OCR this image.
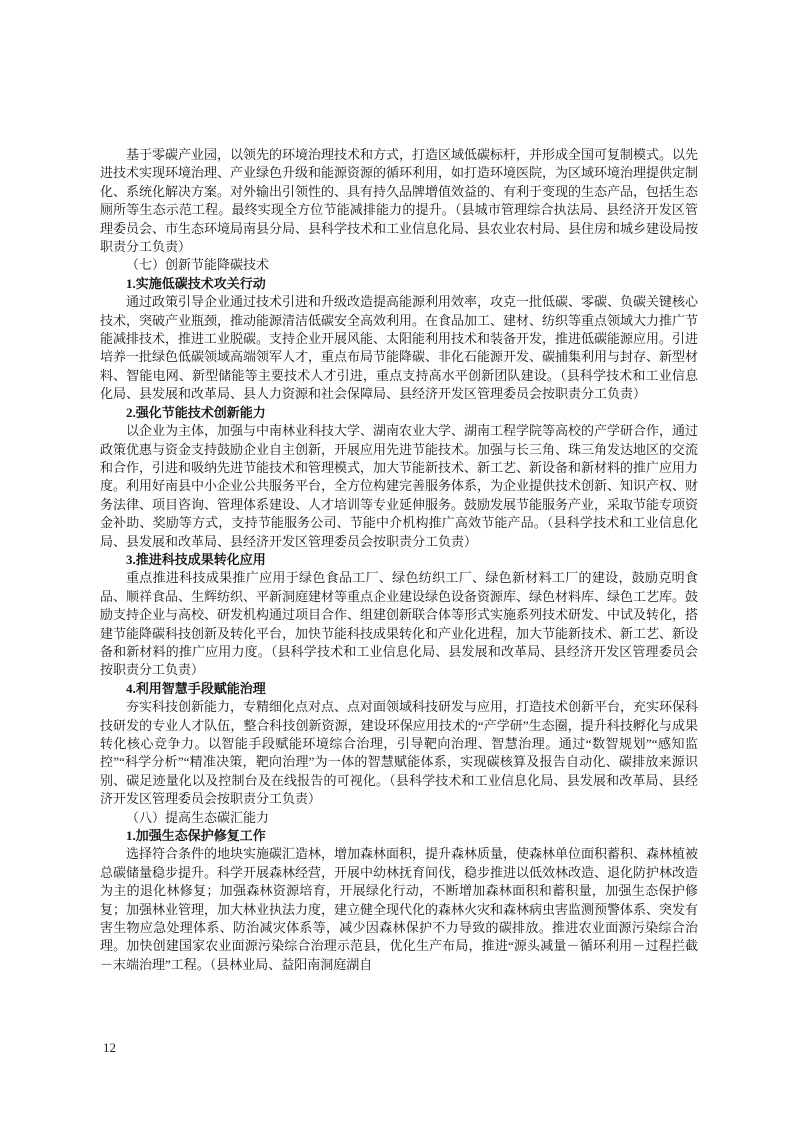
基于零碳产业园，以领先的环境治理技术和方式，打造区域低碳标杆，并形成全国可复制模式。以先进技术实现环境治理、产业绿色升级和能源资源的循环利用，如打造环境医院，为区域环境治理提供定制化、系统化解决方案。对外输出引领性的、具有持久品牌增值效益的、有利于变现的生态产品，包括生态厕所等生态示范工程。最终实现全方位节能减排能力的提升。（县城市管理综合执法局、县经济开发区管理委员会、市生态环境局南县分局、县科学技术和工业信息化局、县农业农村局、县住房和城乡建设局按职责分工负责）

（七）创新节能降碳技术

1.实施低碳技术攻关行动

通过政策引导企业通过技术引进和升级改造提高能源利用效率，攻克一批低碳、零碳、负碳关键核心技术，突破产业瓶颈，推动能源清洁低碳安全高效利用。在食品加工、建材、纺织等重点领域大力推广节能减排技术，推进工业脱碳。支持企业开展风能、太阳能利用技术和装备开发，推进低碳能源应用。引进培养一批绿色低碳领域高端领军人才，重点布局节能降碳、非化石能源开发、碳捕集利用与封存、新型材料、智能电网、新型储能等主要技术人才引进，重点支持高水平创新团队建设。（县科学技术和工业信息化局、县发展和改革局、县人力资源和社会保障局、县经济开发区管理委员会按职责分工负责）

2.强化节能技术创新能力

以企业为主体，加强与中南林业科技大学、湖南农业大学、湖南工程学院等高校的产学研合作，通过政策优惠与资金支持鼓励企业自主创新，开展应用先进节能技术。加强与长三角、珠三角发达地区的交流和合作，引进和吸纳先进节能技术和管理模式，加大节能新技术、新工艺、新设备和新材料的推广应用力度。利用好南县中小企业公共服务平台，全方位构建完善服务体系，为企业提供技术创新、知识产权、财务法律、项目咨询、管理体系建设、人才培训等专业延伸服务。鼓励发展节能服务产业，采取节能专项资金补助、奖励等方式，支持节能服务公司、节能中介机构推广高效节能产品。（县科学技术和工业信息化局、县发展和改革局、县经济开发区管理委员会按职责分工负责）

3.推进科技成果转化应用

重点推进科技成果推广应用于绿色食品工厂、绿色纺织工厂、绿色新材料工厂的建设，鼓励克明食品、顺祥食品、生辉纺织、平新洞庭建材等重点企业建设绿色设备资源库、绿色材料库、绿色工艺库。鼓励支持企业与高校、研发机构通过项目合作、组建创新联合体等形式实施系列技术研发、中试及转化，搭建节能降碳科技创新及转化平台，加快节能科技成果转化和产业化进程，加大节能新技术、新工艺、新设备和新材料的推广应用力度。（县科学技术和工业信息化局、县发展和改革局、县经济开发区管理委员会按职责分工负责）

4.利用智慧手段赋能治理

夯实科技创新能力，专精细化点对点、点对面领域科技研发与应用，打造技术创新平台，充实环保科技研发的专业人才队伍，整合科技创新资源，建设环保应用技术的“产学研”生态圈，提升科技孵化与成果转化核心竞争力。以智能手段赋能环境综合治理，引导靶向治理、智慧治理。通过“数智规划”“感知监控”“科学分析”“精准决策，靶向治理”为一体的智慧赋能体系，实现碳核算及报告自动化、碳排放来源识别、碳足迹量化以及控制台及在线报告的可视化。（县科学技术和工业信息化局、县发展和改革局、县经济开发区管理委员会按职责分工负责）

（八）提高生态碳汇能力

1.加强生态保护修复工作

选择符合条件的地块实施碳汇造林，增加森林面积，提升森林质量，使森林单位面积蓄积、森林植被总碳储量稳步提升。科学开展森林经营，开展中幼林抚育间伐，稳步推进以低效林改造、退化防护林改造为主的退化林修复；加强森林资源培育，开展绿化行动，不断增加森林面积和蓄积量，加强生态保护修复；加强林业管理，加大林业执法力度，建立健全现代化的森林火灾和森林病虫害监测预警体系、突发有害生物应急处理体系、防治减灾体系等，减少因森林保护不力导致的碳排放。推进农业面源污染综合治理。加快创建国家农业面源污染综合治理示范县，优化生产布局，推进“源头减量－循环利用－过程拦截－末端治理”工程。（县林业局、益阳南洞庭湖自

12
